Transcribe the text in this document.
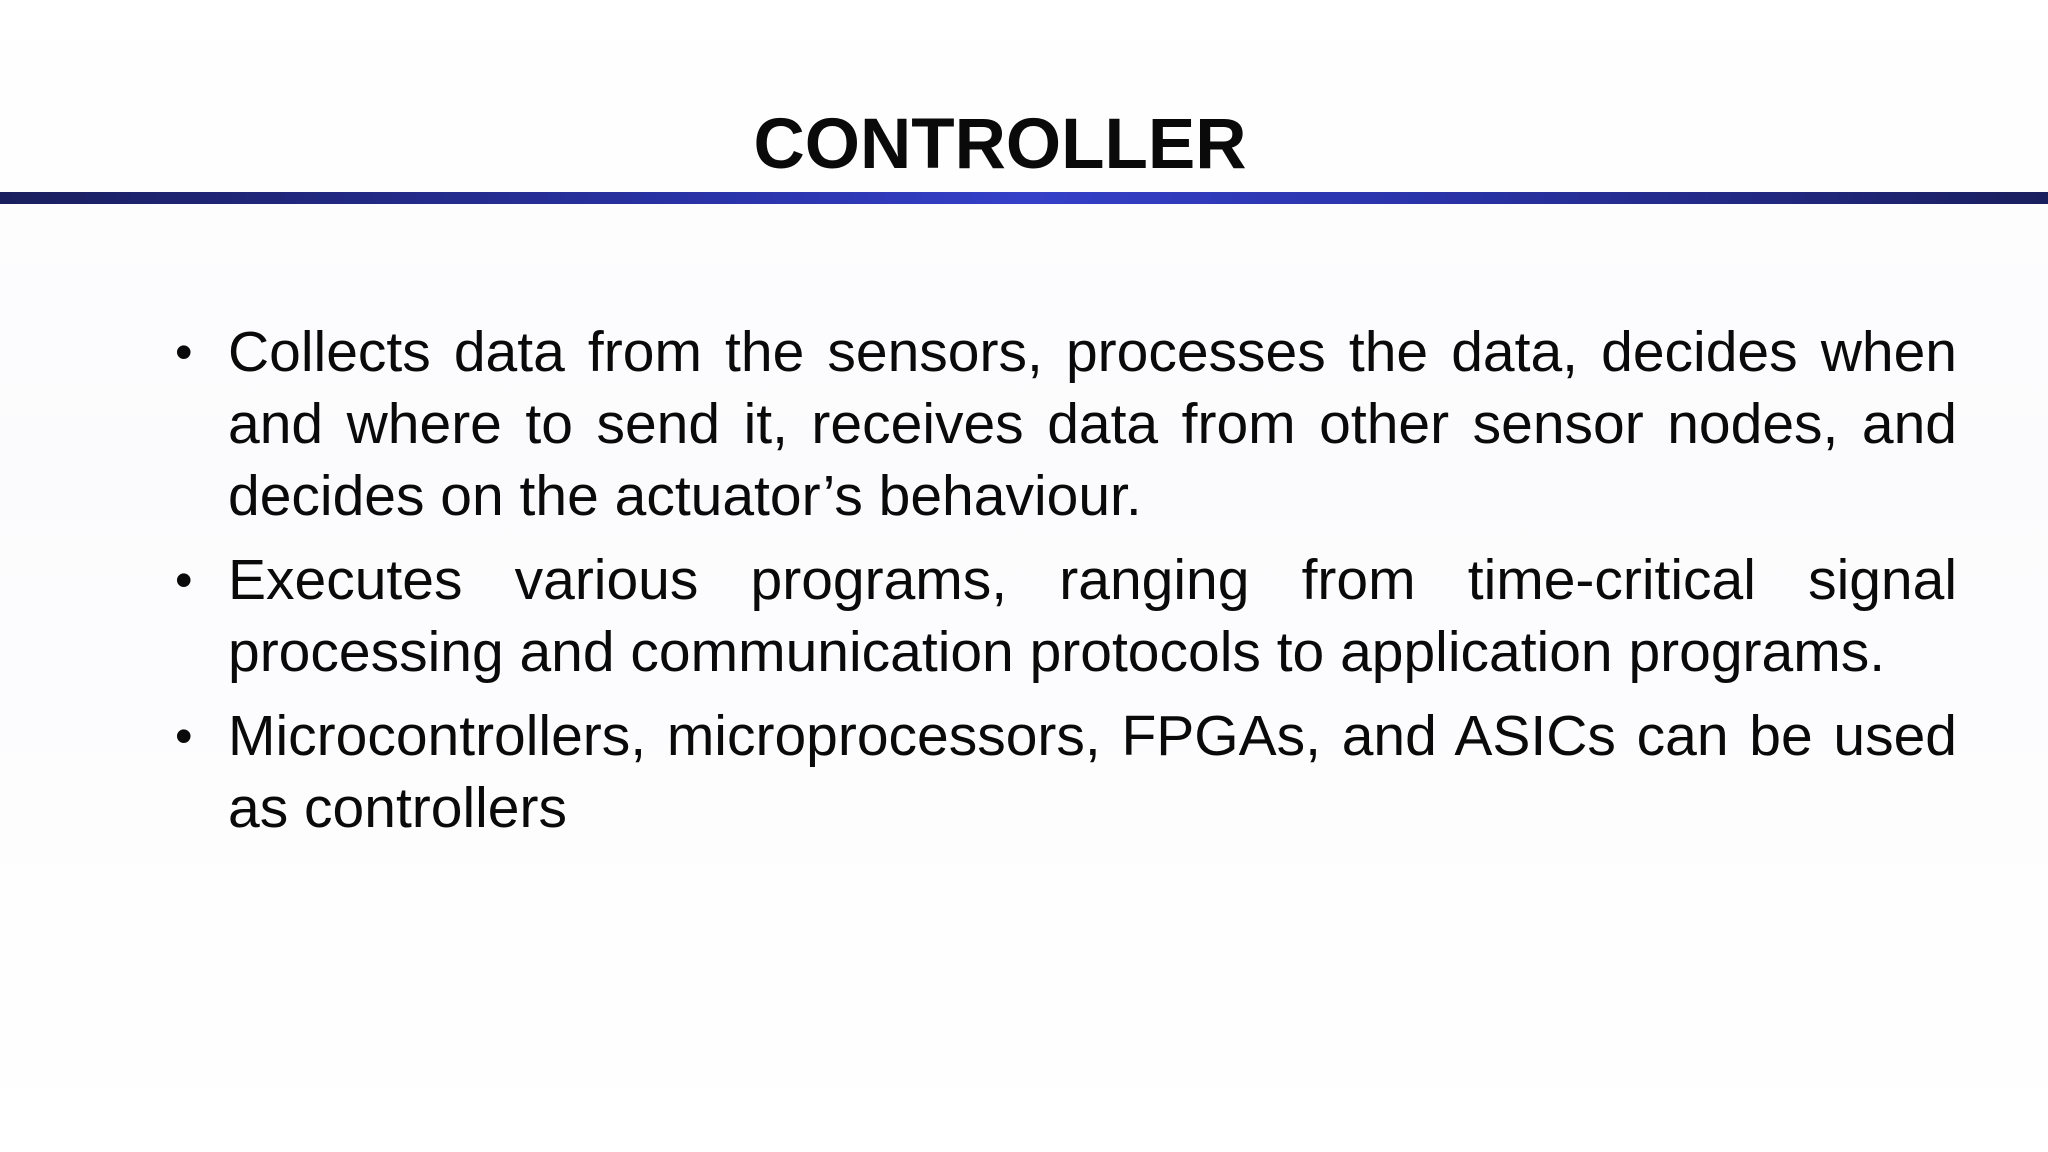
CONTROLLER
• Collects data from the sensors, processes the data, decides when and where to send it, receives data from other sensor nodes, and decides on the actuator’s behaviour.
• Executes various programs, ranging from time-critical signal processing and communication protocols to application programs.
• Microcontrollers, microprocessors, FPGAs, and ASICs can be used as controllers
